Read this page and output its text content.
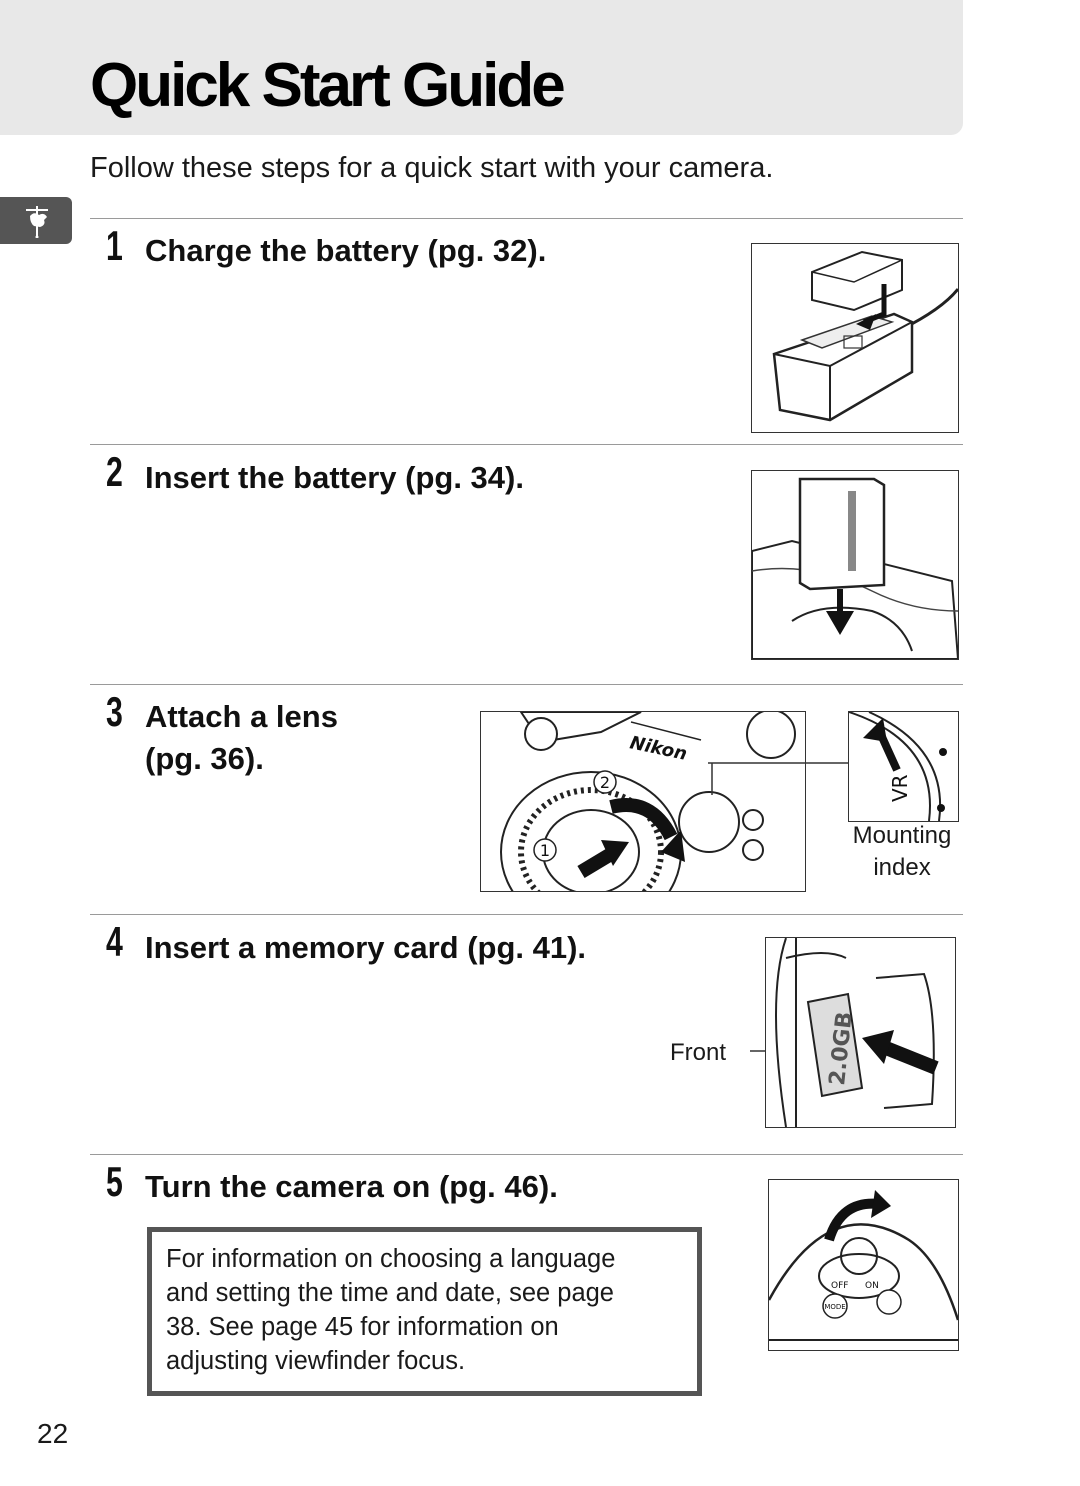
Quick Start Guide
Follow these steps for a quick start with your camera.
1 Charge the battery (pg. 32).
2 Insert the battery (pg. 34).
3 Attach a lens
(pg. 36).	Nikon
2
1
VR
Mounting
index
4 Insert a memory card (pg. 41).
Front	2.0GB
5 Turn the camera on (pg. 46).
OFF ON
MODE
For information on choosing a language
and setting the time and date, see page
38. See page 45 for information on
adjusting viewfinder focus.
22
